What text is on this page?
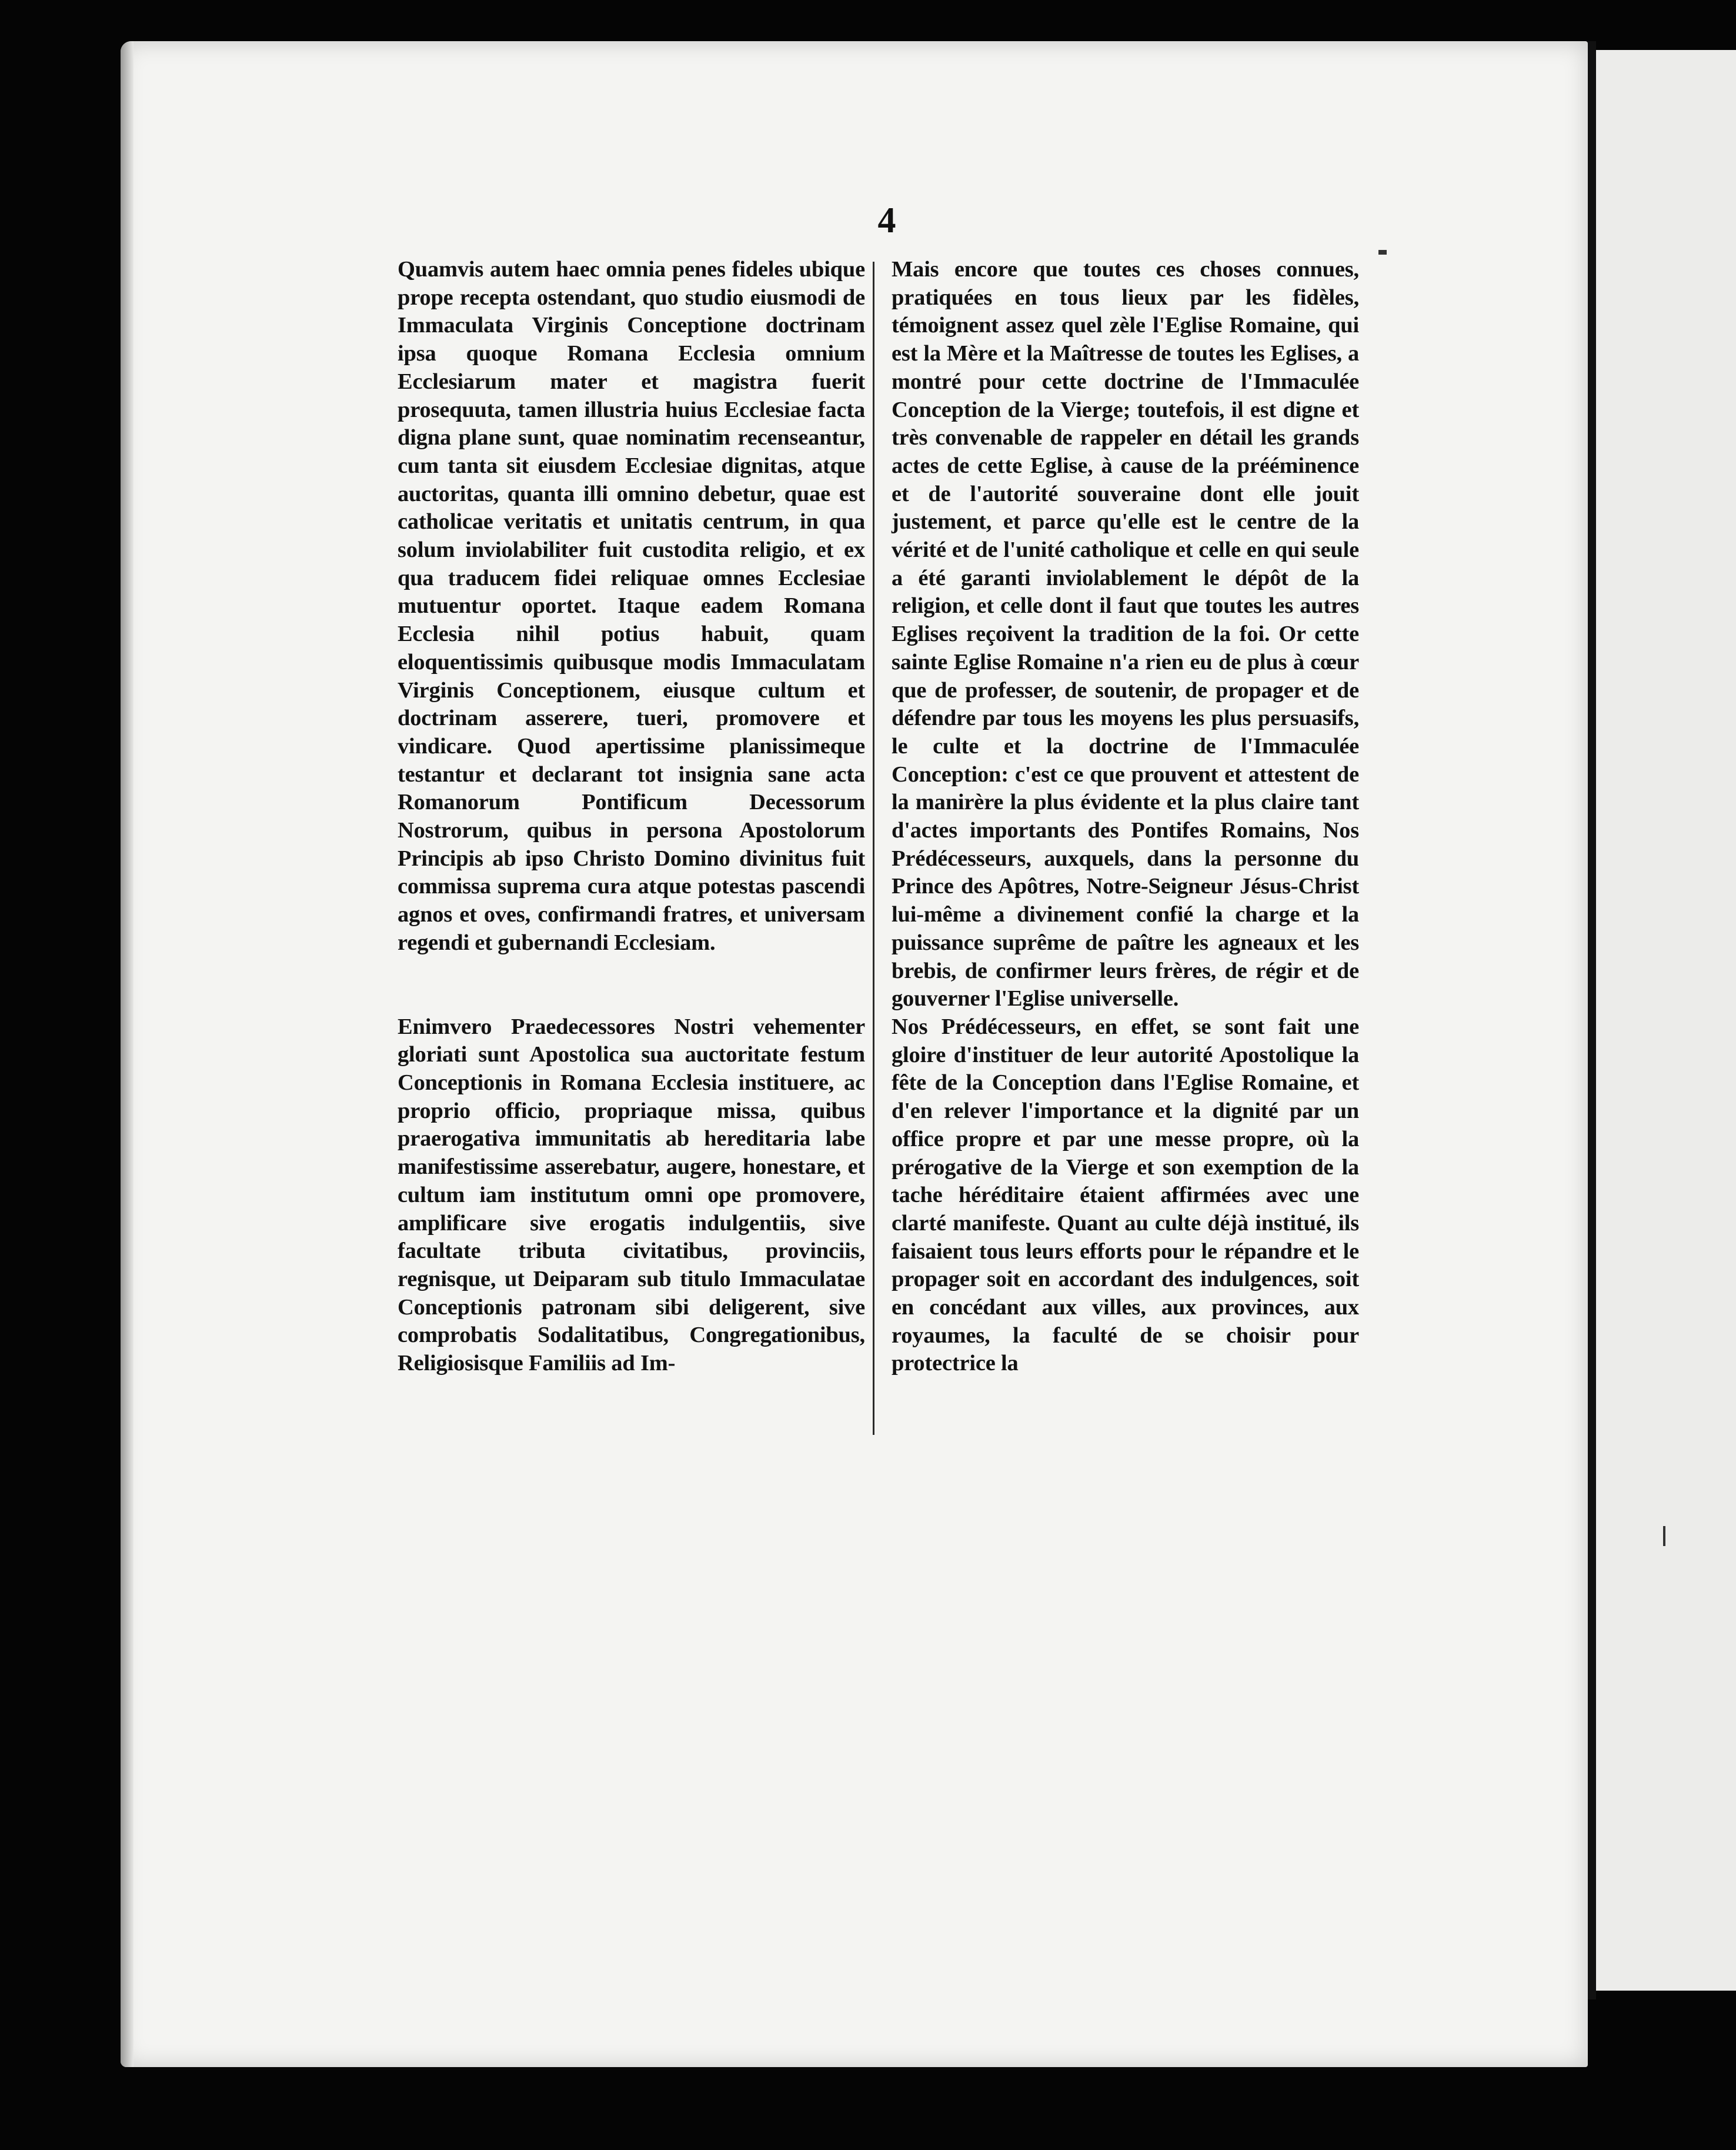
4

Quamvis autem haec omnia penes fideles ubique prope recepta ostendant, quo studio eiusmodi de Immaculata Virginis Conceptione doctrinam ipsa quoque Romana Ecclesia omnium Ecclesiarum mater et magistra fuerit prosequuta, tamen illustria huius Ecclesiae facta digna plane sunt, quae nominatim recenseantur, cum tanta sit eiusdem Ecclesiae dignitas, atque auctoritas, quanta illi omnino debetur, quae est catholicae veritatis et unitatis centrum, in qua solum inviolabiliter fuit custodita religio, et ex qua traducem fidei reliquae omnes Ecclesiae mutuentur oportet. Itaque eadem Romana Ecclesia nihil potius habuit, quam eloquentissimis quibusque modis Immaculatam Virginis Conceptionem, eiusque cultum et doctrinam asserere, tueri, promovere et vindicare. Quod apertissime planissimeque testantur et declarant tot insignia sane acta Romanorum Pontificum Decessorum Nostrorum, quibus in persona Apostolorum Principis ab ipso Christo Domino divinitus fuit commissa suprema cura atque potestas pascendi agnos et oves, confirmandi fratres, et universam regendi et gubernandi Ecclesiam.

Enimvero Praedecessores Nostri vehementer gloriati sunt Apostolica sua auctoritate festum Conceptionis in Romana Ecclesia instituere, ac proprio officio, propriaque missa, quibus praerogativa immunitatis ab hereditaria labe manifestissime asserebatur, augere, honestare, et cultum iam institutum omni ope promovere, amplificare sive erogatis indulgentiis, sive facultate tributa civitatibus, provinciis, regnisque, ut Deiparam sub titulo Immaculatae Conceptionis patronam sibi deligerent, sive comprobatis Sodalitatibus, Congregationibus, Religiosisque Familiis ad Im-

Mais encore que toutes ces choses connues, pratiquées en tous lieux par les fidèles, témoignent assez quel zèle l'Eglise Romaine, qui est la Mère et la Maîtresse de toutes les Eglises, a montré pour cette doctrine de l'Immaculée Conception de la Vierge; toutefois, il est digne et très convenable de rappeler en détail les grands actes de cette Eglise, à cause de la prééminence et de l'autorité souveraine dont elle jouit justement, et parce qu'elle est le centre de la vérité et de l'unité catholique et celle en qui seule a été garanti inviolablement le dépôt de la religion, et celle dont il faut que toutes les autres Eglises reçoivent la tradition de la foi. Or cette sainte Eglise Romaine n'a rien eu de plus à cœur que de professer, de soutenir, de propager et de défendre par tous les moyens les plus persuasifs, le culte et la doctrine de l'Immaculée Conception: c'est ce que prouvent et attestent de la manirère la plus évidente et la plus claire tant d'actes importants des Pontifes Romains, Nos Prédécesseurs, auxquels, dans la personne du Prince des Apôtres, Notre-Seigneur Jésus-Christ lui-même a divinement confié la charge et la puissance suprême de paître les agneaux et les brebis, de confirmer leurs frères, de régir et de gouverner l'Eglise universelle.

Nos Prédécesseurs, en effet, se sont fait une gloire d'instituer de leur autorité Apostolique la fête de la Conception dans l'Eglise Romaine, et d'en relever l'importance et la dignité par un office propre et par une messe propre, où la prérogative de la Vierge et son exemption de la tache héréditaire étaient affirmées avec une clarté manifeste. Quant au culte déjà institué, ils faisaient tous leurs efforts pour le répandre et le propager soit en accordant des indulgences, soit en concédant aux villes, aux provinces, aux royaumes, la faculté de se choisir pour protectrice la
